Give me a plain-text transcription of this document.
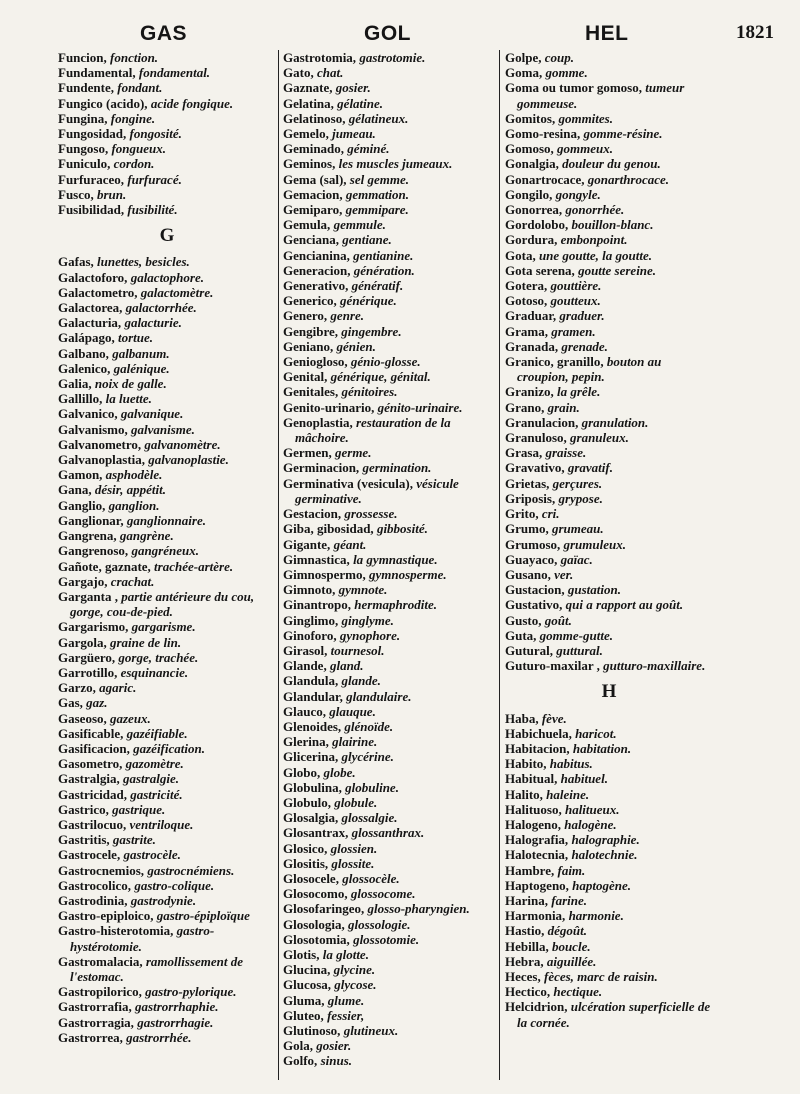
GAS	GOL	HEL	1821
Funcion, fonction.
Fundamental, fondamental.
Fundente, fondant.
Fungico (acido), acide fongique.
Fungina, fongine.
Fungosidad, fongosité.
Fungoso, fongueux.
Funiculo, cordon.
Furfuraceo, furfuracé.
Fusco, brun.
Fusibilidad, fusibilité.
G
Gafas, lunettes, besicles.
Galactoforo, galactophore.
Galactometro, galactomètre.
Galactorea, galactorrhée.
Galacturia, galacturie.
Galápago, tortue.
Galbano, galbanum.
Galenico, galénique.
Galia, noix de galle.
Gallillo, la luette.
Galvanico, galvanique.
Galvanismo, galvanisme.
Galvanometro, galvanomètre.
Galvanoplastia, galvanoplastie.
Gamon, asphodèle.
Gana, désir, appétit.
Ganglio, ganglion.
Ganglionar, ganglionnaire.
Gangrena, gangrène.
Gangrenoso, gangréneux.
Gañote, gaznate, trachée-artère.
Gargajo, crachat.
Garganta , partie antérieure du cou, gorge, cou-de-pied.
Gargarismo, gargarisme.
Gargola, graine de lin.
Gargüero, gorge, trachée.
Garrotillo, esquinancie.
Garzo, agaric.
Gas, gaz.
Gaseoso, gazeux.
Gasificable, gazéifiable.
Gasificacion, gazéification.
Gasometro, gazomètre.
Gastralgia, gastralgie.
Gastricidad, gastricité.
Gastrico, gastrique.
Gastrilocuo, ventriloque.
Gastritis, gastrite.
Gastrocele, gastrocèle.
Gastrocnemios, gastrocnémiens.
Gastrocolico, gastro-colique.
Gastrodinia, gastrodynie.
Gastro-epiploico, gastro-épiploïque
Gastro-histerotomia, gastro-hystérotomie.
Gastromalacia, ramollissement de l'estomac.
Gastropilorico, gastro-pylorique.
Gastrorrafia, gastrorrhaphie.
Gastrorragia, gastrorrhagie.
Gastrorrea, gastrorrhée.
Gastrotomia, gastrotomie.
Gato, chat.
Gaznate, gosier.
Gelatina, gélatine.
Gelatinoso, gélatineux.
Gemelo, jumeau.
Geminado, géminé.
Geminos, les muscles jumeaux.
Gema (sal), sel gemme.
Gemacion, gemmation.
Gemiparo, gemmipare.
Gemula, gemmule.
Genciana, gentiane.
Gencianina, gentianine.
Generacion, génération.
Generativo, génératif.
Generico, générique.
Genero, genre.
Gengibre, gingembre.
Geniano, génien.
Geniogloso, génio-glosse.
Genital, générique, génital.
Genitales, génitoires.
Genito-urinario, génito-urinaire.
Genoplastia, restauration de la mâchoire.
Germen, germe.
Germinacion, germination.
Germinativa (vesicula), vésicule germinative.
Gestacion, grossesse.
Giba, gibosidad, gibbosité.
Gigante, géant.
Gimnastica, la gymnastique.
Gimnospermo, gymnosperme.
Gimnoto, gymnote.
Ginantropo, hermaphrodite.
Ginglimo, ginglyme.
Ginoforo, gynophore.
Girasol, tournesol.
Glande, gland.
Glandula, glande.
Glandular, glandulaire.
Glauco, glauque.
Glenoides, glénoïde.
Glerina, glairine.
Glicerina, glycérine.
Globo, globe.
Globulina, globuline.
Globulo, globule.
Glosalgia, glossalgie.
Glosantrax, glossanthrax.
Glosico, glossien.
Glositis, glossite.
Glosocele, glossocèle.
Glosocomo, glossocome.
Glosofaringeo, glosso-pharyngien.
Glosologia, glossologie.
Glosotomia, glossotomie.
Glotis, la glotte.
Glucina, glycine.
Glucosa, glycose.
Gluma, glume.
Gluteo, fessier,
Glutinoso, glutineux.
Gola, gosier.
Golfo, sinus.
Golpe, coup.
Goma, gomme.
Goma ou tumor gomoso, tumeur gommeuse.
Gomitos, gommites.
Gomo-resina, gomme-résine.
Gomoso, gommeux.
Gonalgia, douleur du genou.
Gonartrocace, gonarthrocace.
Gongilo, gongyle.
Gonorrea, gonorrhée.
Gordolobo, bouillon-blanc.
Gordura, embonpoint.
Gota, une goutte, la goutte.
Gota serena, goutte sereine.
Gotera, gouttière.
Gotoso, goutteux.
Graduar, graduer.
Grama, gramen.
Granada, grenade.
Granico, granillo, bouton au croupion, pepin.
Granizo, la grêle.
Grano, grain.
Granulacion, granulation.
Granuloso, granuleux.
Grasa, graisse.
Gravativo, gravatif.
Grietas, gerçures.
Griposis, grypose.
Grito, cri.
Grumo, grumeau.
Grumoso, grumuleux.
Guayaco, gaïac.
Gusano, ver.
Gustacion, gustation.
Gustativo, qui a rapport au goût.
Gusto, goût.
Guta, gomme-gutte.
Gutural, guttural.
Guturo-maxilar , gutturo-maxillaire.
H
Haba, fève.
Habichuela, haricot.
Habitacion, habitation.
Habito, habitus.
Habitual, habituel.
Halito, haleine.
Halituoso, halitueux.
Halogeno, halogène.
Halografia, halographie.
Halotecnia, halotechnie.
Hambre, faim.
Haptogeno, haptogène.
Harina, farine.
Harmonia, harmonie.
Hastio, dégoût.
Hebilla, boucle.
Hebra, aiguillée.
Heces, fèces, marc de raisin.
Hectico, hectique.
Helcidrion, ulcération superficielle de la cornée.
